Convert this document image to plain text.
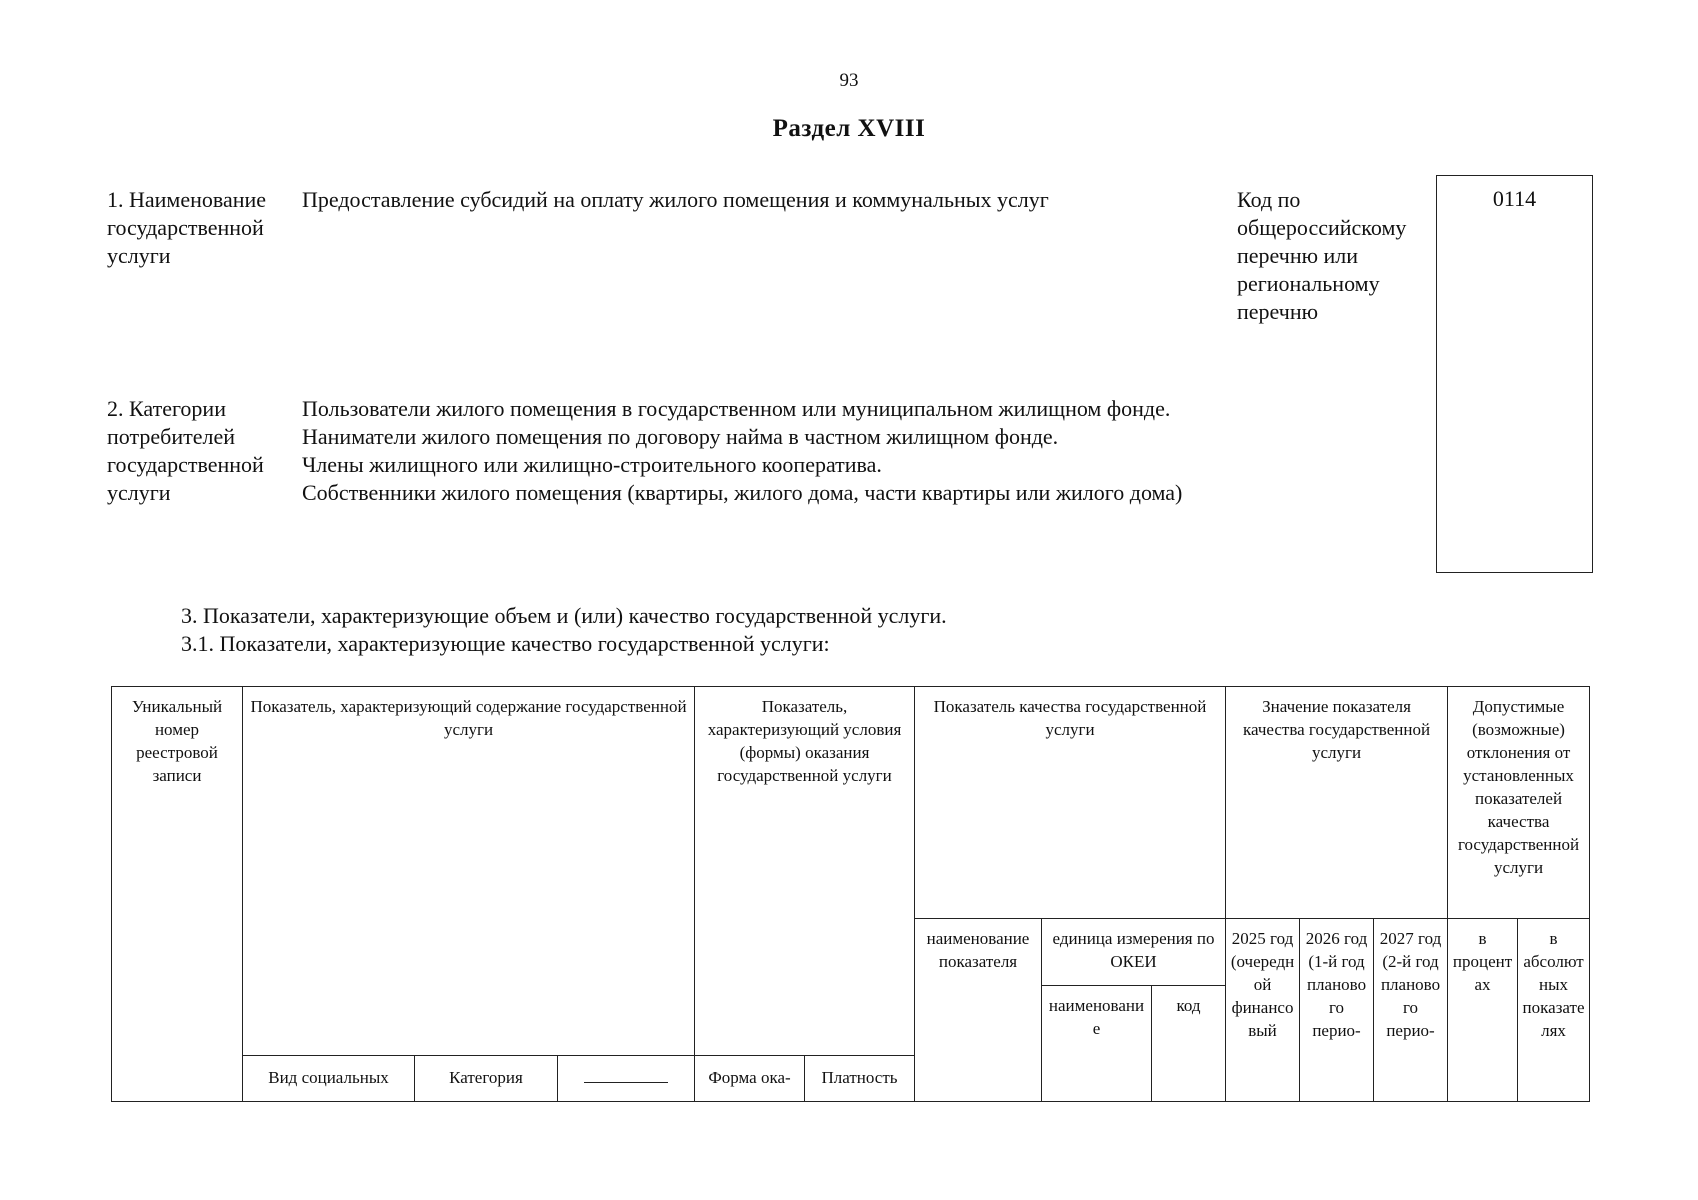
93
Раздел XVIII
1. Наименование государственной услуги
Предоставление субсидий на оплату жилого помещения и коммунальных услуг	Код по общероссийскому перечню или региональному перечню
0114
2. Категории потребителей государственной услуги
Пользователи жилого помещения в государственном или муниципальном жилищном фонде.
Наниматели жилого помещения по договору найма в частном жилищном фонде.
Члены жилищного или жилищно-строительного кооператива.
Собственники жилого помещения (квартиры, жилого дома, части квартиры или жилого дома)
3. Показатели, характеризующие объем и (или) качество государственной услуги.
3.1. Показатели, характеризующие качество государственной услуги:
Уникальный номер реестровой записи	Показатель, характеризующий содержание государственной услуги			Показатель, характеризующий условия (формы) оказания государственной услуги		Показатель качества государственной услуги			Значение показателя качества государственной услуги			Допустимые (возможные) отклонения от установленных показателей качества государственной услуги	
						наименование показателя	единица измерения по ОКЕИ		2025 год (очередной финансовый	2026 год (1-й год планового перио-	2027 год (2-й год планового перио-	в процентах	в абсолютных показателях
							наименование	код					
	Вид социальных	Категория		Форма ока-	Платность								
